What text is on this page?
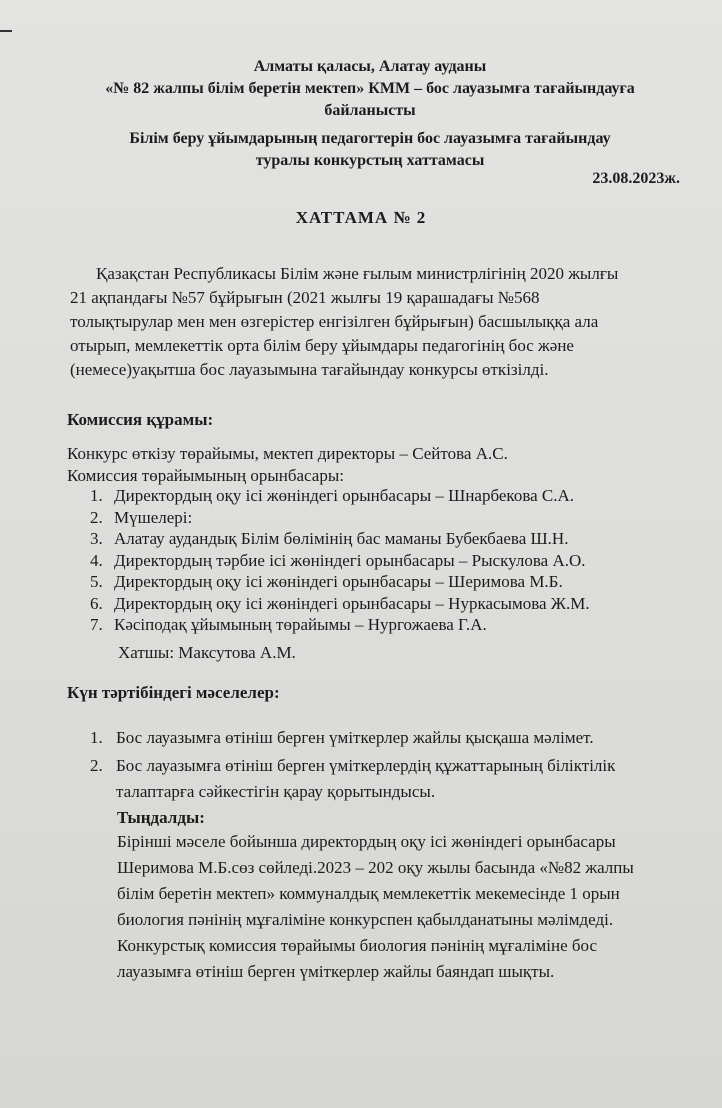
Алматы қаласы, Алатау ауданы
«№ 82 жалпы білім беретін мектеп» КММ – бос лауазымға тағайындауға
байланысты
Білім беру ұйымдарының педагогтерін бос лауазымға тағайындау
туралы конкурстың хаттамасы
23.08.2023ж.
ХАТТАМА № 2
Қазақстан Республикасы Білім және ғылым министрлігінің 2020 жылғы
21 ақпандағы №57 бұйрығын (2021 жылғы 19 қарашадағы №568
толықтырулар мен мен өзгерістер енгізілген бұйрығын) басшылыққа ала
отырып, мемлекеттік орта білім беру ұйымдары педагогінің бос және
(немесе)уақытша бос лауазымына тағайындау конкурсы өткізілді.
Комиссия құрамы:
Конкурс өткізу төрайымы, мектеп директоры – Сейтова А.С.
Комиссия төрайымының орынбасары:
1. Директордың оқу ісі жөніндегі орынбасары – Шнарбекова С.А.
2. Мүшелері:
3. Алатау аудандық Білім бөлімінің бас маманы Бубекбаева Ш.Н.
4. Директордың тәрбие ісі жөніндегі орынбасары – Рыскулова А.О.
5. Директордың оқу ісі жөніндегі орынбасары – Шеримова М.Б.
6. Директордың оқу ісі жөніндегі орынбасары – Нуркасымова Ж.М.
7. Кәсіподақ ұйымының төрайымы – Нургожаева Г.А.
Хатшы: Максутова А.М.
Күн тәртібіндегі мәселелер:
1. Бос лауазымға өтініш берген үміткерлер жайлы қысқаша мәлімет.
2. Бос лауазымға өтініш берген үміткерлердің құжаттарының біліктілік
талаптарға сәйкестігін қарау қорытындысы.
Тыңдалды:
Бірінші мәселе бойынша директордың оқу ісі жөніндегі орынбасары
Шеримова М.Б.сөз сөйледі.2023 – 202 оқу жылы басында «№82 жалпы
білім беретін мектеп» коммуналдық мемлекеттік мекемесінде 1 орын
биология пәнінің мұғаліміне конкурспен қабылданатыны мәлімдеді.
Конкурстық комиссия төрайымы биология пәнінің мұғаліміне бос
лауазымға өтініш берген үміткерлер жайлы баяндап шықты.
